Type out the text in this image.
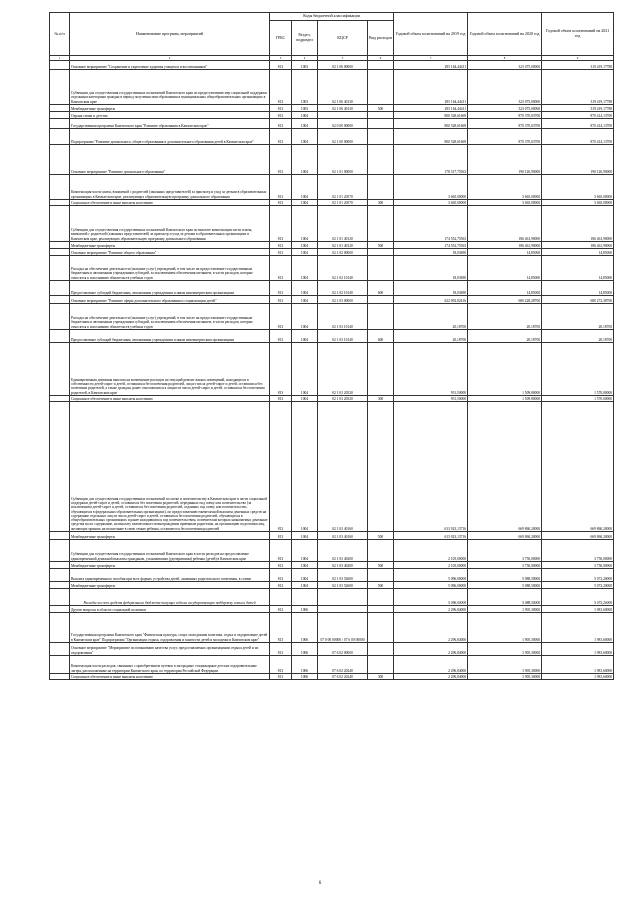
№ п/п	Наименование программ, мероприятий	Коды бюджетной классификации				Годовой объем ассигнований на 2019 год	Годовой объем ассигнований на 2020 год	Годовой объем ассигнований на 2021 год
		ГРБС	Раздел, подраздел	КЦСР	Вид расходов			
1	2	3	4	5	6	7	8	9
	Основное мероприятие "Сохранение и укрепление здоровья учащихся и воспитанников"	813	1003	02 1 06 00000		295 164,44411	323 075,00000	319 419,17788
	Субвенции для осуществления государственных полномочий Камчатского края по предоставлению мер социальной поддержки отдельным категориям граждан в период получения ими образования в муниципальных общеобразовательных организациях в Камчатском крае	813	1003	02 1 06 40130		295 164,44411	323 075,00000	319 419,17788
	Межбюджетные трансферты	813	1003	02 1 06 40130	500	295 164,44411	323 075,00000	319 419,17788
	Охрана семьи и детства	813	1004			800 328,61669	870 370,03700	870 414,13700
	Государственная программа Камчатского края "Развитие образования в Камчатском крае"	813	1004	02 0 00 00000		800 328,61669	870 370,03700	870 414,13700
	Подпрограмма "Развитие дошкольного, общего образования и дополнительного образования детей в Камчатском крае"	813	1004	02 1 00 00000		800 328,61669	870 370,03700	870 414,13700
	Основное мероприятие "Развитие дошкольного образования"	813	1004	02 1 01 00000		178 317,75563	190 126,90000	190 126,90000
	Компенсация части платы, взимаемой с родителей (законных представителей) за присмотр и уход за детьми в образовательных организациях в Камчатском крае, реализующих образовательную программу дошкольного образования	813	1004	02 1 01 20570		3 665,00000	3 665,00000	3 665,00000
	Социальное обеспечение и иные выплаты населению	813	1004	02 1 01 20570	300	3 665,00000	3 665,00000	3 665,00000
	Субвенции для осуществления государственных полномочий Камчатского края по выплате компенсации части платы, взимаемой с родителей (законных представителей) за присмотр и уход за детьми в образовательных организациях в Камчатском крае, реализующих образовательную программу дошкольного образования	813	1004	02 1 01 40120		174 552,75563	186 461,90000	186 461,90000
	Межбюджетные трансферты	813	1004	02 1 01 40120	500	174 552,75563	186 461,90000	186 461,90000
	Основное мероприятие "Развитие общего образования"	813	1004	02 1 02 00000		18,03690	14,85000	14,85000
	Расходы на обеспечение деятельности (оказание услуг) учреждений, в том числе на предоставление государственным бюджетным и автономным учреждениям субсидий, за исключением обеспечения питанием, в части расходов, которые относятся к исполнению обязательств учебных годов	813	1004	02 1 02 10140		18,03690	14,85000	14,85000
	Предоставление субсидий бюджетным, автономным учреждениям и иным некоммерческим организациям	813	1004	02 1 02 10140	600	18,03690	14,85000	14,85000
	Основное мероприятие "Развитие сферы дополнительного образования и социализации детей"	813	1004	02 1 03 00000		622 092,82416	680 228,28700	680 272,38700
	Расходы на обеспечение деятельности (оказание услуг) учреждений, в том числе на предоставление государственным бюджетным и автономным учреждениям субсидий, за исключением обеспечения питанием, в части расходов, которые относятся к исполнению обязательств учебных годов	813	1004	02 1 03 10140		20,18700	20,18700	20,18700
	Предоставление субсидий бюджетным, автономным учреждениям и иным некоммерческим организациям	813	1004	02 1 03 10140	600	20,18700	20,18700	20,18700
	Единовременная денежная выплата на возмещение расходов на текущий ремонт жилых помещений, находящихся в собственности детей-сирот и детей, оставшихся без попечения родителей, лиц из числа детей-сирот и детей, оставшихся без попечения родителей, а также граждан, ранее относившихся к лицам из числа детей-сирот и детей, оставшихся без попечения родителей, в Камчатском крае	813	1004	02 1 03 20520		951,50000	1 509,80000	1 570,00000
	Социальное обеспечение и иные выплаты населению	813	1004	02 1 03 20520	300	951,50000	1 509,80000	1 570,00000
	Субвенции для осуществления государственных полномочий по опеке и попечительству в Камчатском крае в части социальной поддержки детей-сирот и детей, оставшихся без попечения родителей, переданных под опеку или попечительство (за исключением детей-сирот и детей, оставшихся без попечения родителей, отданных под опеку или попечительство, обучающихся в федеральных образовательных организациях), по предоставлению ежемесячной выплаты денежных средств на содержание отдельных лиц из числа детей-сирот и детей, оставшихся без попечения родителей, обучающихся в общеобразовательных организациях и ранее находившихся под попечительством, попечителям которых назначаемых денежные средства на их содержание, на выплату ежемесячного вознаграждения приемным родителям, на организацию подготовки лиц, желающих принять на воспитание в свою семью ребенка, оставшегося без попечения родителей	813	1004	02 1 03 40160		613 923,13716	669 860,20000	669 860,20000
	Межбюджетные трансферты	813	1004	02 1 03 40160	500	613 923,13716	669 860,20000	669 860,20000
	Субвенции для осуществления государственных полномочий Камчатского края в части расходов на предоставление единовременной денежной выплаты гражданам, усыновившим (удочерившим) ребенка (детей) в Камчатском крае	813	1004	02 1 03 40200		2 105,00000	3 750,00000	3 750,00000
	Межбюджетные трансферты	813	1004	02 1 03 40200	500	2 105,00000	3 750,00000	3 750,00000
	Выплата единовременного пособия при всех формах устройства детей, лишенных родительского попечения, в семью	813	1004	02 1 03 52600		5 096,00000	5 088,50000	5 072,20000
	Межбюджетные трансферты	813	1004	02 1 03 52600	500	5 096,00000	5 088,50000	5 072,20000
	Расходы за счет средств федерального бюджета текущих года на государственную поддержку семьи и детей					5 096,00000	5 088,50000	5 072,20000
	Другие вопросы в области социальной политики	813	1006			2 296,84000	1 905,30000	1 981,60000
	Государственная программа Камчатского края "Физическая культура, спорт, молодежная политика, отдых и оздоровление детей в Камчатском крае" Подпрограмма "Организация отдыха, оздоровления и занятости детей и молодежи в Камчатском крае"	813	1006	07 0 00 00000 / 07 6 00 00000		2 296,84000	1 905,30000	1 981,60000
	Основное мероприятие "Мероприятие по повышению качества услуг, предоставляемых организациями отдыха детей и их оздоровления"	813	1006	07 6 02 00000		2 296,84000	1 905,30000	1 981,60000
	Компенсация части расходов, связанных с приобретением путевок в загородные стационарные детские оздоровительные лагеря, расположенные на территории Камчатского края, по территории Российской Федерации	813	1006	07 6 02 20240		2 296,84000	1 905,30000	1 981,60000
	Социальное обеспечение и иные выплаты населению	813	1006	07 6 02 20240	300	2 296,84000	1 905,30000	1 981,60000
6
